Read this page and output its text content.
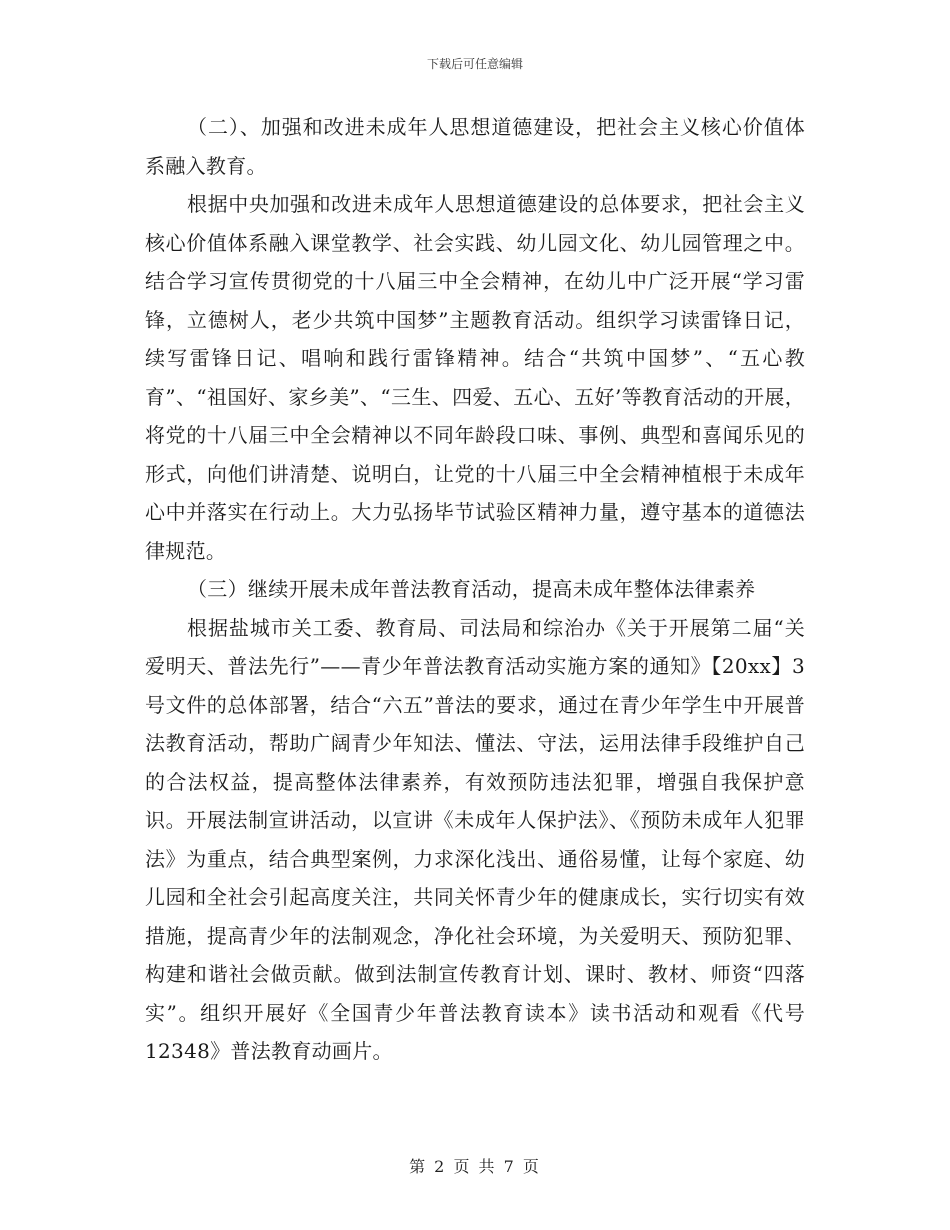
下载后可任意编辑

（二）、加强和改进未成年人思想道德建设，把社会主义核心价值体系融入教育。

根据中央加强和改进未成年人思想道德建设的总体要求，把社会主义核心价值体系融入课堂教学、社会实践、幼儿园文化、幼儿园管理之中。结合学习宣传贯彻党的十八届三中全会精神，在幼儿中广泛开展“学习雷锋，立德树人，老少共筑中国梦”主题教育活动。组织学习读雷锋日记，续写雷锋日记、唱响和践行雷锋精神。结合“共筑中国梦”、“五心教育”、“祖国好、家乡美”、“三生、四爱、五心、五好’等教育活动的开展，将党的十八届三中全会精神以不同年龄段口味、事例、典型和喜闻乐见的形式，向他们讲清楚、说明白，让党的十八届三中全会精神植根于未成年心中并落实在行动上。大力弘扬毕节试验区精神力量，遵守基本的道德法律规范。

（三）继续开展未成年普法教育活动，提高未成年整体法律素养

根据盐城市关工委、教育局、司法局和综治办《关于开展第二届“关爱明天、普法先行”——青少年普法教育活动实施方案的通知》【20xx】3号文件的总体部署，结合“六五”普法的要求，通过在青少年学生中开展普法教育活动，帮助广阔青少年知法、懂法、守法，运用法律手段维护自己的合法权益，提高整体法律素养，有效预防违法犯罪，增强自我保护意识。开展法制宣讲活动，以宣讲《未成年人保护法》、《预防未成年人犯罪法》为重点，结合典型案例，力求深化浅出、通俗易懂，让每个家庭、幼儿园和全社会引起高度关注，共同关怀青少年的健康成长，实行切实有效措施，提高青少年的法制观念，净化社会环境，为关爱明天、预防犯罪、构建和谐社会做贡献。做到法制宣传教育计划、课时、教材、师资“四落实”。组织开展好《全国青少年普法教育读本》读书活动和观看《代号12348》普法教育动画片。

第 2 页 共 7 页
